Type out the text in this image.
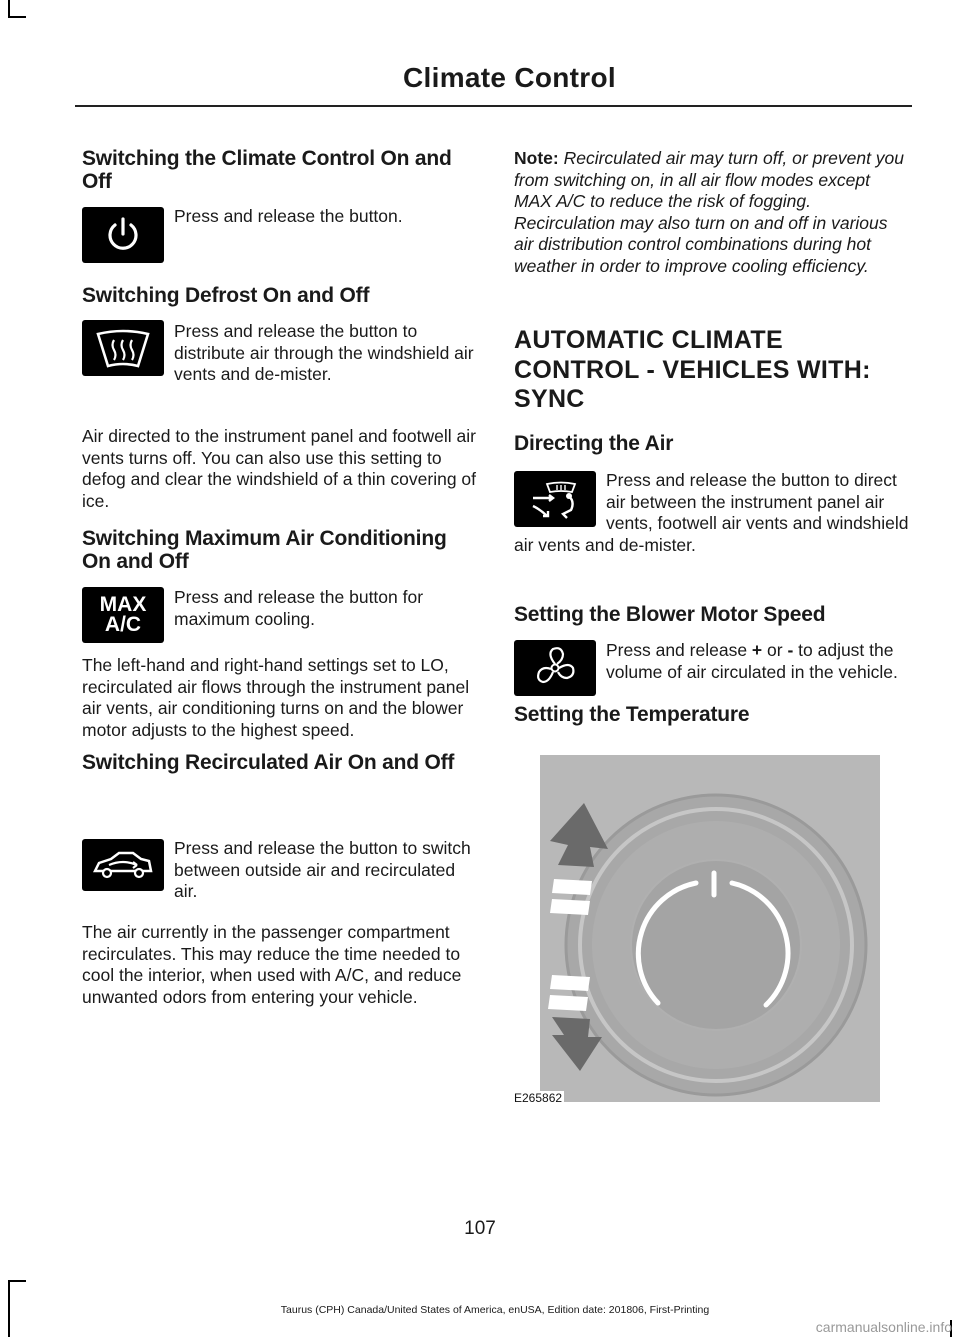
Climate Control
Switching the Climate Control On and Off

Press and release the button.

Switching Defrost On and Off

Press and release the button to distribute air through the windshield air vents and de-mister.

Air directed to the instrument panel and footwell air vents turns off. You can also use this setting to defog and clear the windshield of a thin covering of ice.

Switching Maximum Air Conditioning On and Off
MAX
A/C

Press and release the button for maximum cooling.

The left-hand and right-hand settings set to LO, recirculated air flows through the instrument panel air vents, air conditioning turns on and the blower motor adjusts to the highest speed.

Switching Recirculated Air On and Off

Press and release the button to switch between outside air and recirculated air.

The air currently in the passenger compartment recirculates. This may reduce the time needed to cool the interior, when used with A/C, and reduce unwanted odors from entering your vehicle.

Note: Recirculated air may turn off, or prevent you from switching on, in all air flow modes except MAX A/C to reduce the risk of fogging. Recirculation may also turn on and off in various air distribution control combinations during hot weather in order to improve cooling efficiency.

AUTOMATIC CLIMATE CONTROL - VEHICLES WITH: SYNC
Directing the Air

Press and release the button to direct air between the instrument panel air vents, footwell air vents and windshield air vents and de-mister.

Setting the Blower Motor Speed

Press and release + or - to adjust the volume of air circulated in the vehicle.

Setting the Temperature
E265862
107
Taurus (CPH) Canada/United States of America, enUSA, Edition date: 201806, First-Printing
carmanualsonline.info
